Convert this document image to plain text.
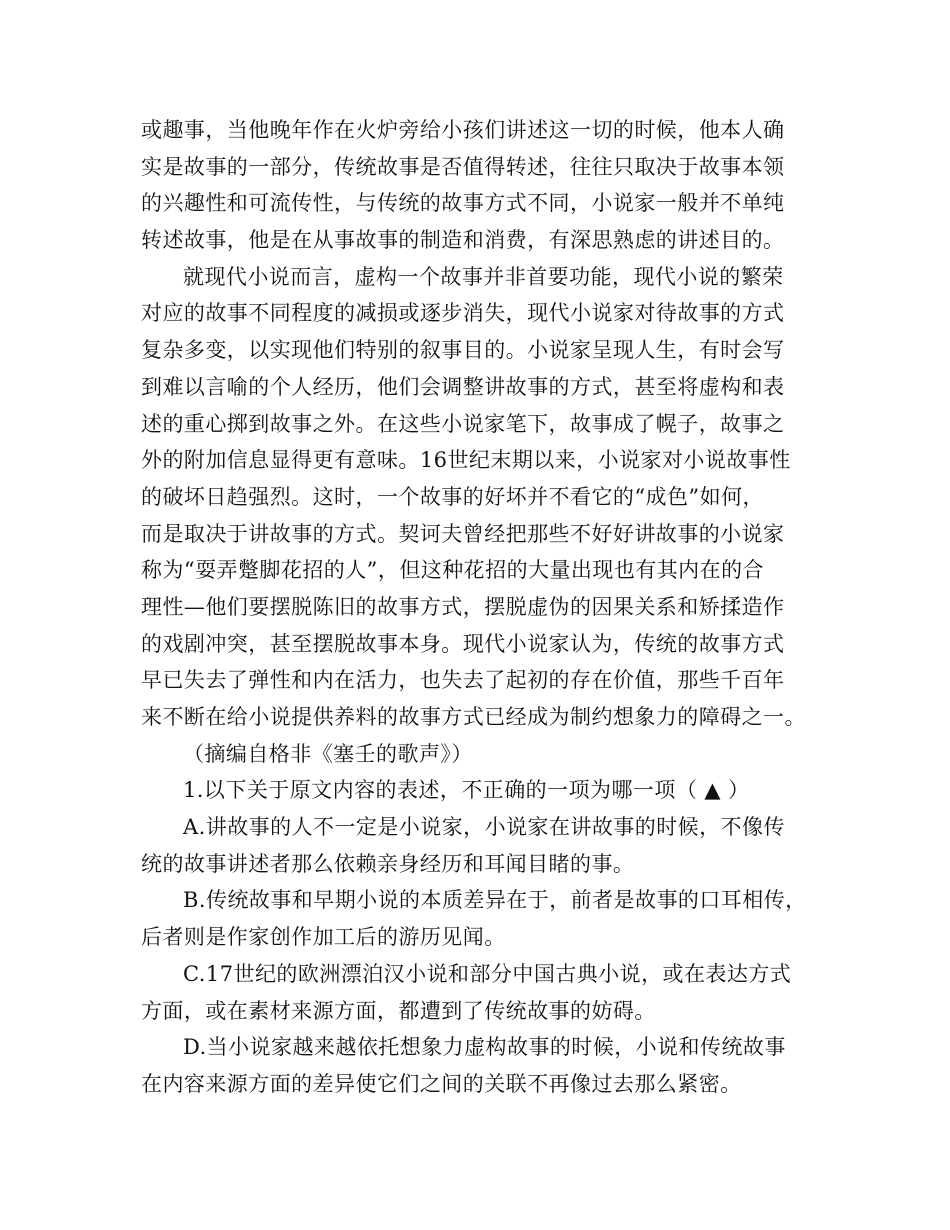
或趣事，当他晚年作在火炉旁给小孩们讲述这一切的时候，他本人确
实是故事的一部分，传统故事是否值得转述，往往只取决于故事本领
的兴趣性和可流传性，与传统的故事方式不同，小说家一般并不单纯
转述故事，他是在从事故事的制造和消费，有深思熟虑的讲述目的。
就现代小说而言，虚构一个故事并非首要功能，现代小说的繁荣
对应的故事不同程度的减损或逐步消失，现代小说家对待故事的方式
复杂多变，以实现他们特别的叙事目的。小说家呈现人生，有时会写
到难以言喻的个人经历，他们会调整讲故事的方式，甚至将虚构和表
述的重心掷到故事之外。在这些小说家笔下，故事成了幌子，故事之
外的附加信息显得更有意味。16世纪末期以来，小说家对小说故事性
的破坏日趋强烈。这时，一个故事的好坏并不看它的“成色”如何，
而是取决于讲故事的方式。契诃夫曾经把那些不好好讲故事的小说家
称为“耍弄蹩脚花招的人”，但这种花招的大量出现也有其内在的合
理性—他们要摆脱陈旧的故事方式，摆脱虚伪的因果关系和矫揉造作
的戏剧冲突，甚至摆脱故事本身。现代小说家认为，传统的故事方式
早已失去了弹性和内在活力，也失去了起初的存在价值，那些千百年
来不断在给小说提供养料的故事方式已经成为制约想象力的障碍之一。
（摘编自格非《塞壬的歌声》）
1.以下关于原文内容的表述，不正确的一项为哪一项（ ▲ ）
A.讲故事的人不一定是小说家，小说家在讲故事的时候，不像传
统的故事讲述者那么依赖亲身经历和耳闻目睹的事。
B.传统故事和早期小说的本质差异在于，前者是故事的口耳相传，
后者则是作家创作加工后的游历见闻。
C.17世纪的欧洲漂泊汉小说和部分中国古典小说，或在表达方式
方面，或在素材来源方面，都遭到了传统故事的妨碍。
D.当小说家越来越依托想象力虚构故事的时候，小说和传统故事
在内容来源方面的差异使它们之间的关联不再像过去那么紧密。
